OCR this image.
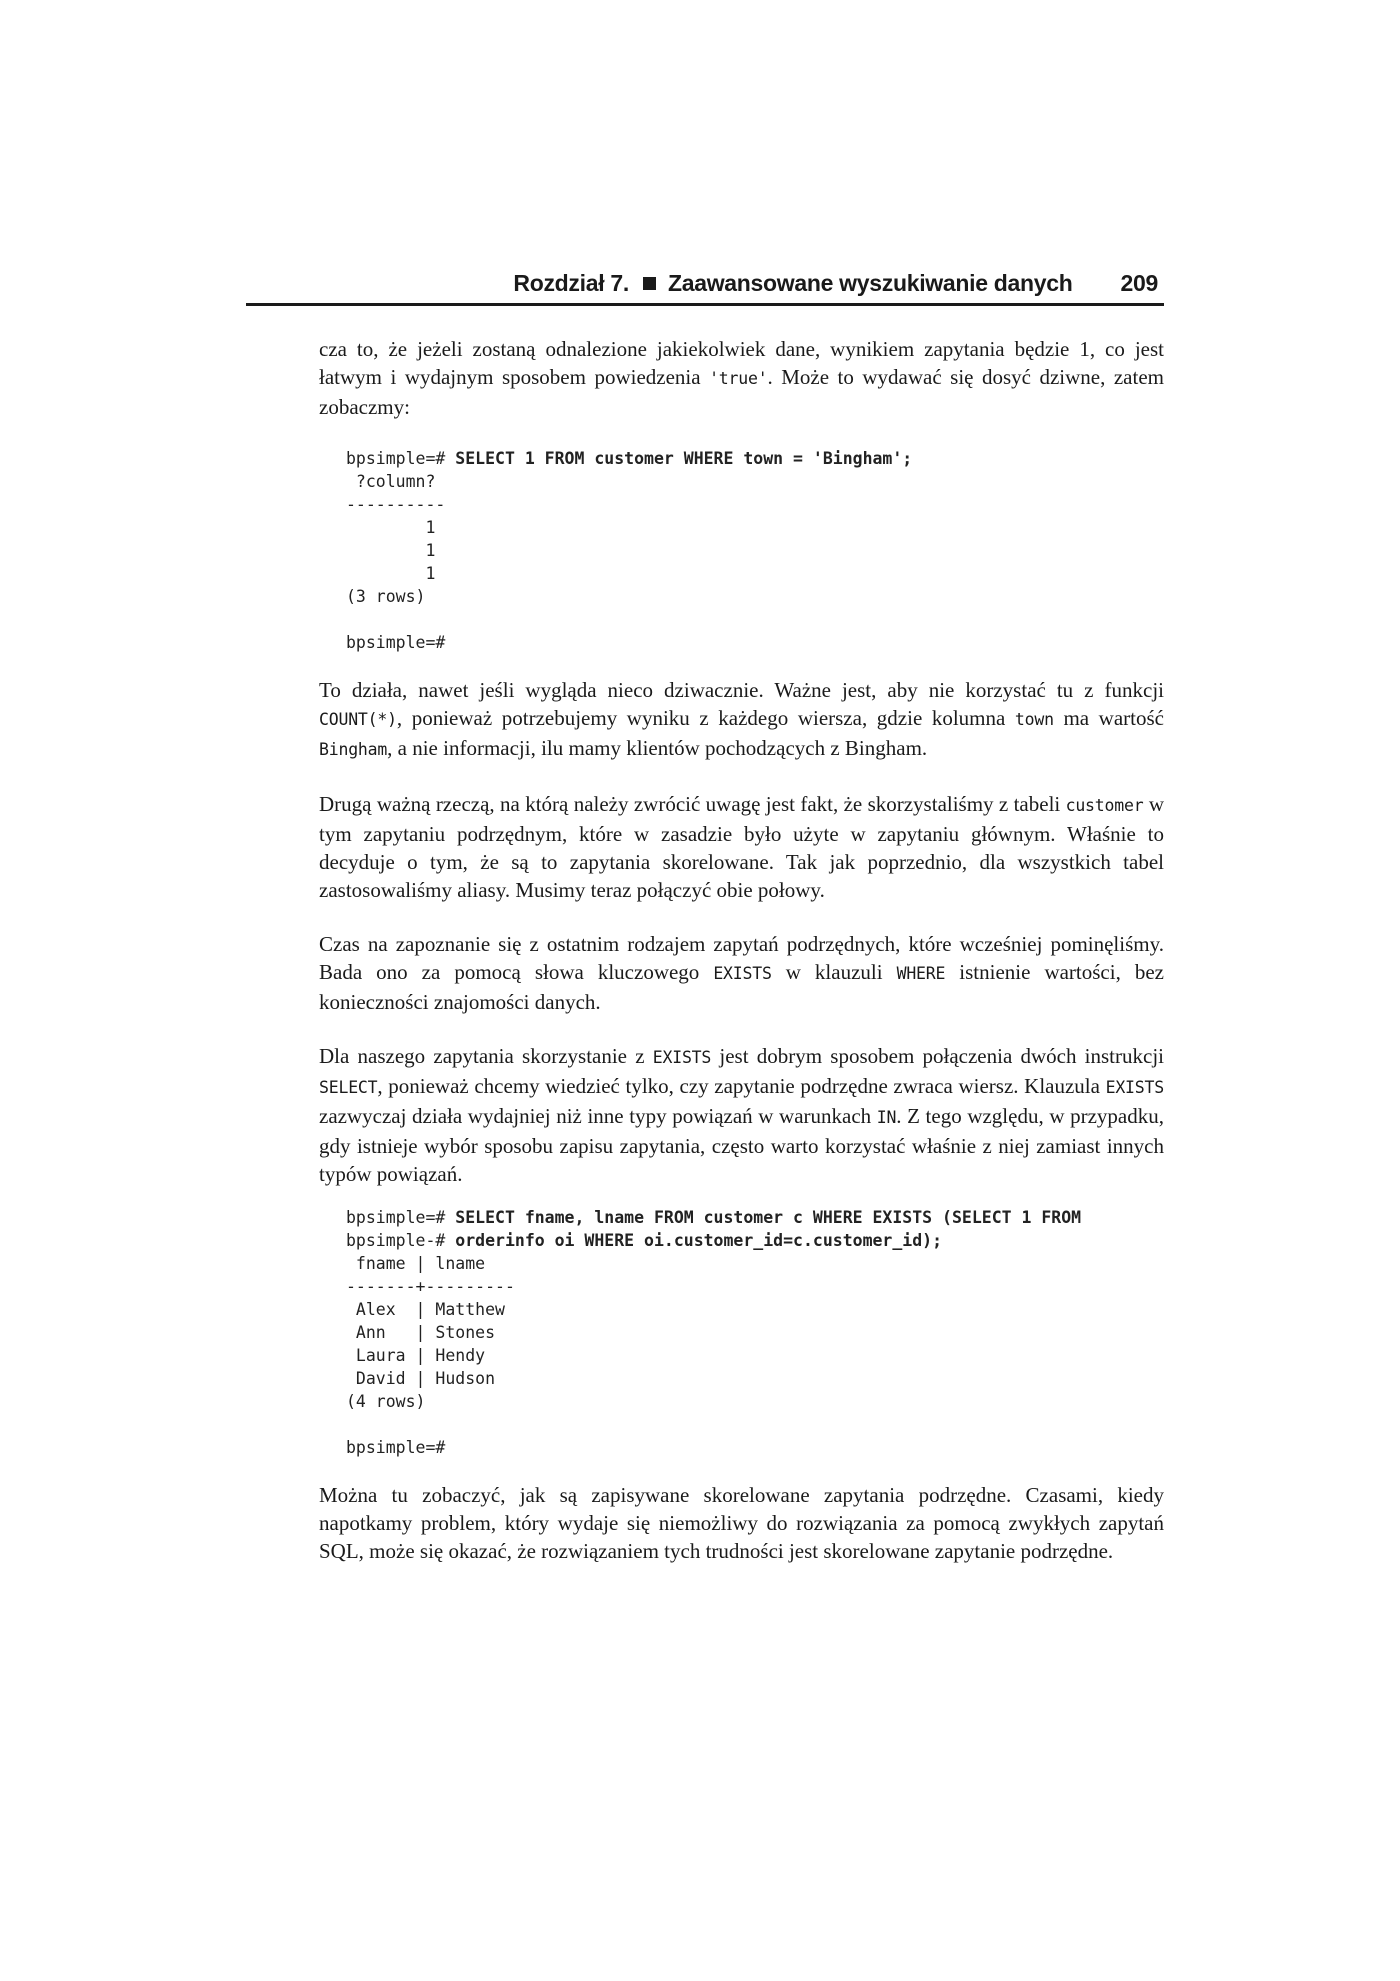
Rozdział 7. Zaawansowane wyszukiwanie danych 209

cza to, że jeżeli zostaną odnalezione jakiekolwiek dane, wynikiem zapytania będzie 1, co jest łatwym i wydajnym sposobem powiedzenia 'true'. Może to wydawać się dosyć dziwne, zatem zobaczmy:

bpsimple=# SELECT 1 FROM customer WHERE town = 'Bingham';
?column?
----------
1
1
1
(3 rows)
bpsimple=#

To działa, nawet jeśli wygląda nieco dziwacznie. Ważne jest, aby nie korzystać tu z funkcji COUNT(*), ponieważ potrzebujemy wyniku z każdego wiersza, gdzie kolumna town ma wartość Bingham, a nie informacji, ilu mamy klientów pochodzących z Bingham.

Drugą ważną rzeczą, na którą należy zwrócić uwagę jest fakt, że skorzystaliśmy z tabeli customer w tym zapytaniu podrzędnym, które w zasadzie było użyte w zapytaniu głównym. Właśnie to decyduje o tym, że są to zapytania skorelowane. Tak jak poprzednio, dla wszystkich tabel zastosowaliśmy aliasy. Musimy teraz połączyć obie połowy.

Czas na zapoznanie się z ostatnim rodzajem zapytań podrzędnych, które wcześniej pominęliśmy. Bada ono za pomocą słowa kluczowego EXISTS w klauzuli WHERE istnienie wartości, bez konieczności znajomości danych.

Dla naszego zapytania skorzystanie z EXISTS jest dobrym sposobem połączenia dwóch instrukcji SELECT, ponieważ chcemy wiedzieć tylko, czy zapytanie podrzędne zwraca wiersz. Klauzula EXISTS zazwyczaj działa wydajniej niż inne typy powiązań w warunkach IN. Z tego względu, w przypadku, gdy istnieje wybór sposobu zapisu zapytania, często warto korzystać właśnie z niej zamiast innych typów powiązań.

bpsimple=# SELECT fname, lname FROM customer c WHERE EXISTS (SELECT 1 FROM
bpsimple-# orderinfo oi WHERE oi.customer_id=c.customer_id);
fname | lname
-------+---------
Alex  | Matthew
Ann   | Stones
Laura | Hendy
David | Hudson
(4 rows)
bpsimple=#

Można tu zobaczyć, jak są zapisywane skorelowane zapytania podrzędne. Czasami, kiedy napotkamy problem, który wydaje się niemożliwy do rozwiązania za pomocą zwykłych zapytań SQL, może się okazać, że rozwiązaniem tych trudności jest skorelowane zapytanie podrzędne.
